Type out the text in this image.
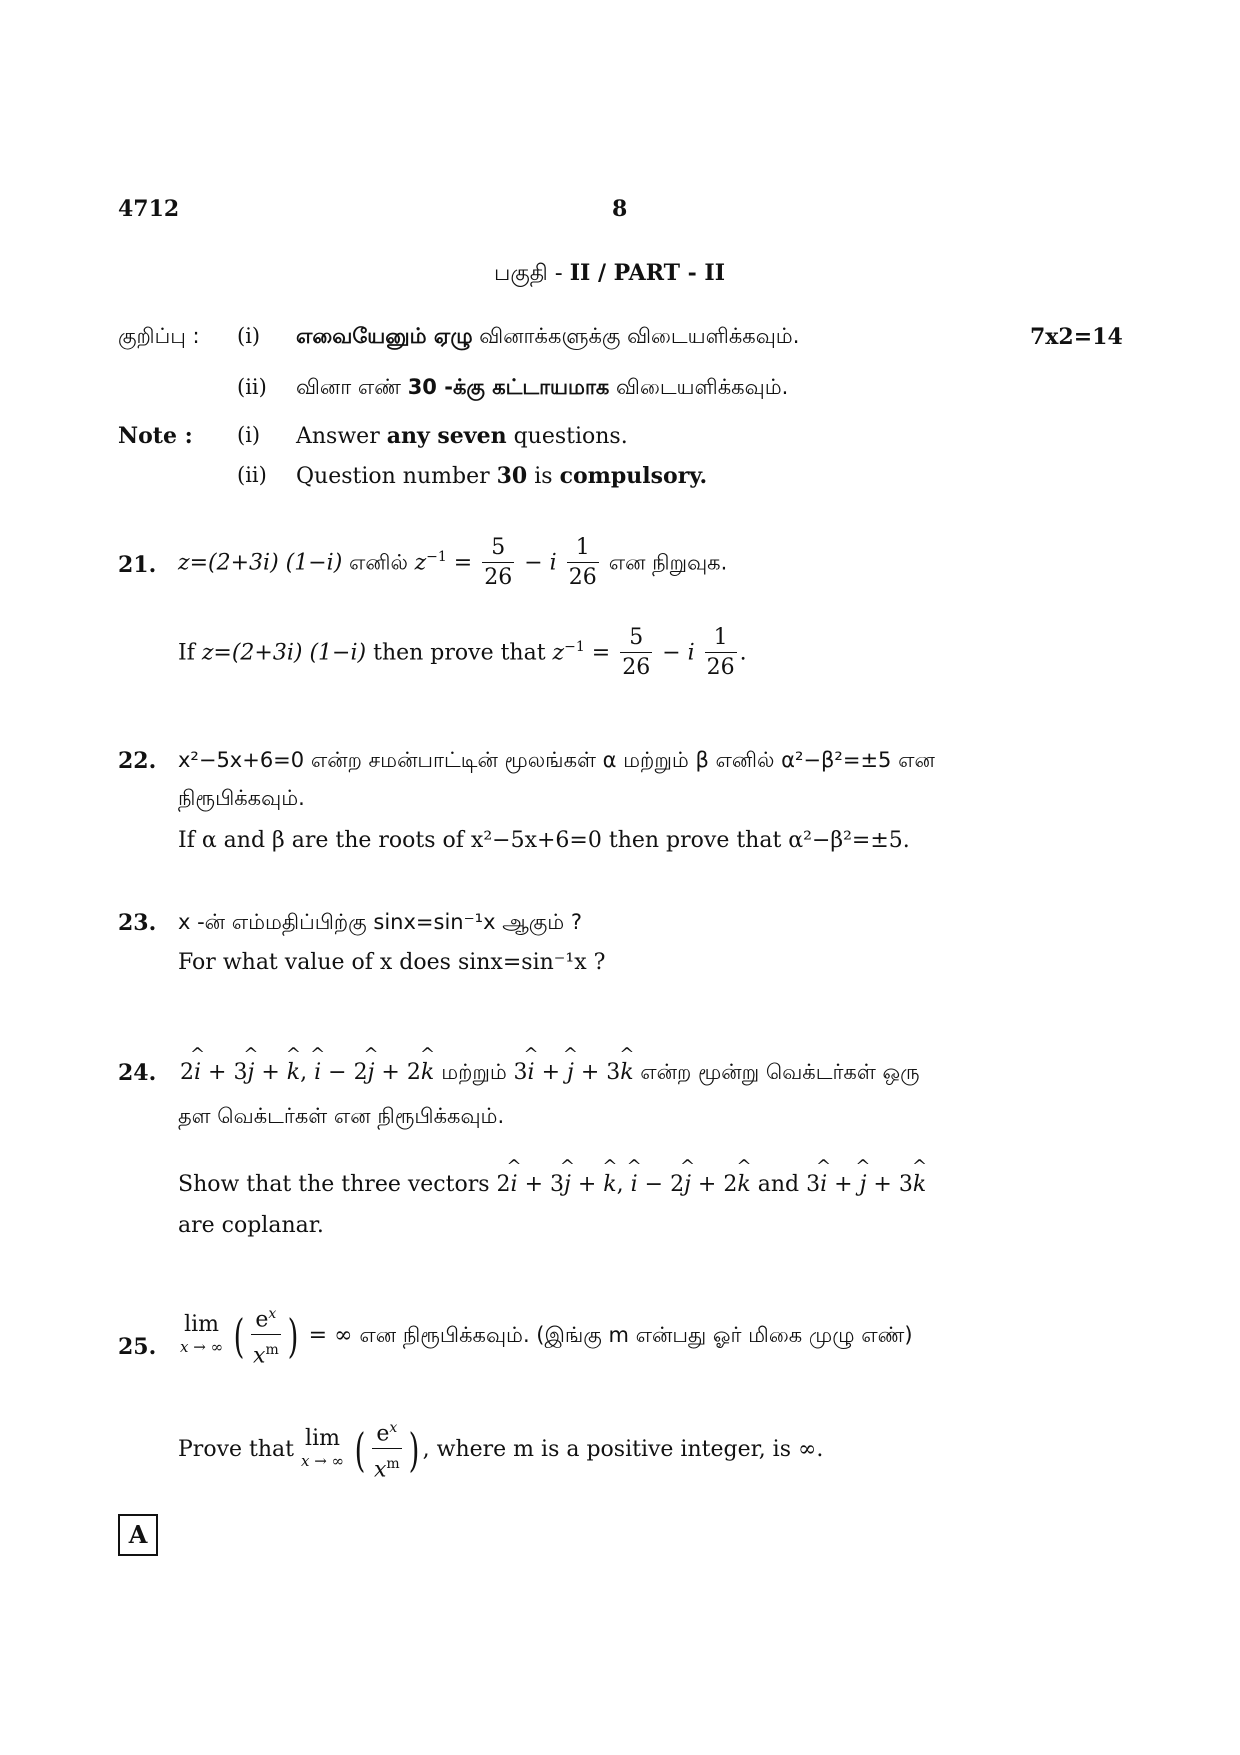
4712	8
பகுதி - II / PART - II
குறிப்பு : (i) எவையேனும் ஏழு வினாக்களுக்கு விடையளிக்கவும்.	7x2=14
(ii) வினா எண் 30 -க்கு கட்டாயமாக விடையளிக்கவும்.
Note : (i) Answer any seven questions.
(ii) Question number 30 is compulsory.
21. z=(2+3i) (1−i) எனில் $z^{-1} = \frac{5}{26} - i \frac{1}{26}$ என நிறுவுக.
If z=(2+3i) (1−i) then prove that $z^{-1} = \frac{5}{26} - i \frac{1}{26}$ .
22. x²−5x+6=0 என்ற சமன்பாட்டின் மூலங்கள் α மற்றும் β எனில் α²−β²=±5 என
நிரூபிக்கவும்.
If α and β are the roots of x²−5x+6=0 then prove that α²−β²=±5.
23. x -ன் எம்மதிப்பிற்கு sinx=sin⁻¹x ஆகும் ?
For what value of x does sinx=sin⁻¹x ?
24. 2^ i + 3^ j + ^ k, ^ i − 2^ j + 2^ k மற்றும் 3^ i + ^ j + 3^ k என்ற மூன்று வெக்டர்கள் ஒரு
தள வெக்டர்கள் என நிரூபிக்கவும்.
Show that the three vectors 2^ i + 3^ j + ^ k, ^ i − 2^ j + 2^ k and 3^ i + ^ j + 3^ k
are coplanar.
25.
lim
x → ∞ ( $\frac{e^x}{x^m}$ ) = ∞ என நிரூபிக்கவும். (இங்கு m என்பது ஓர் மிகை முழு எண்)
Prove that lim
x → ∞ ( $\frac{e^x}{x^m}$ ) , where m is a positive integer, is ∞.
A
